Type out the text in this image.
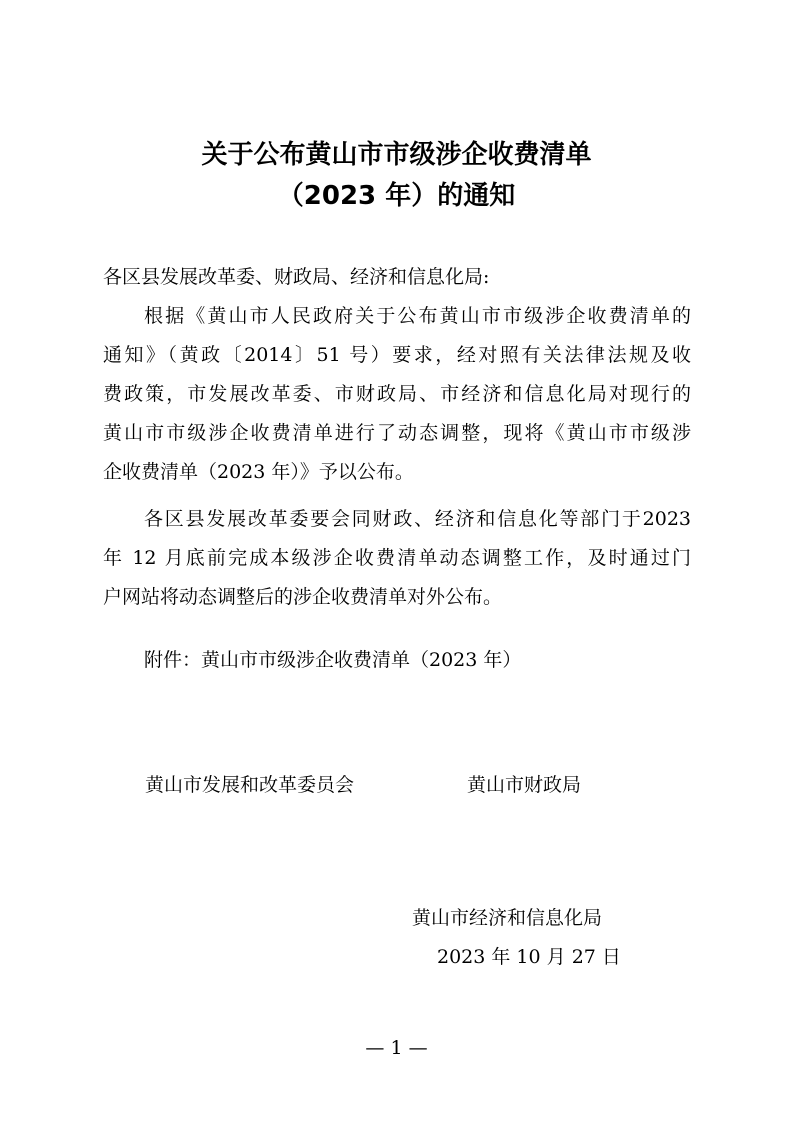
关于公布黄山市市级涉企收费清单
（2023 年）的通知
各区县发展改革委、财政局、经济和信息化局:
根据《黄山市人民政府关于公布黄山市市级涉企收费清单的
通知》（黄政〔2014〕51 号）要求，经对照有关法律法规及收
费政策，市发展改革委、市财政局、市经济和信息化局对现行的
黄山市市级涉企收费清单进行了动态调整，现将《黄山市市级涉
企收费清单（2023 年）》予以公布。
各区县发展改革委要会同财政、经济和信息化等部门于2023
年 12 月底前完成本级涉企收费清单动态调整工作，及时通过门
户网站将动态调整后的涉企收费清单对外公布。
附件：黄山市市级涉企收费清单（2023 年）
黄山市发展和改革委员会	黄山市财政局
黄山市经济和信息化局
2023 年 10 月 27 日
— 1 —
